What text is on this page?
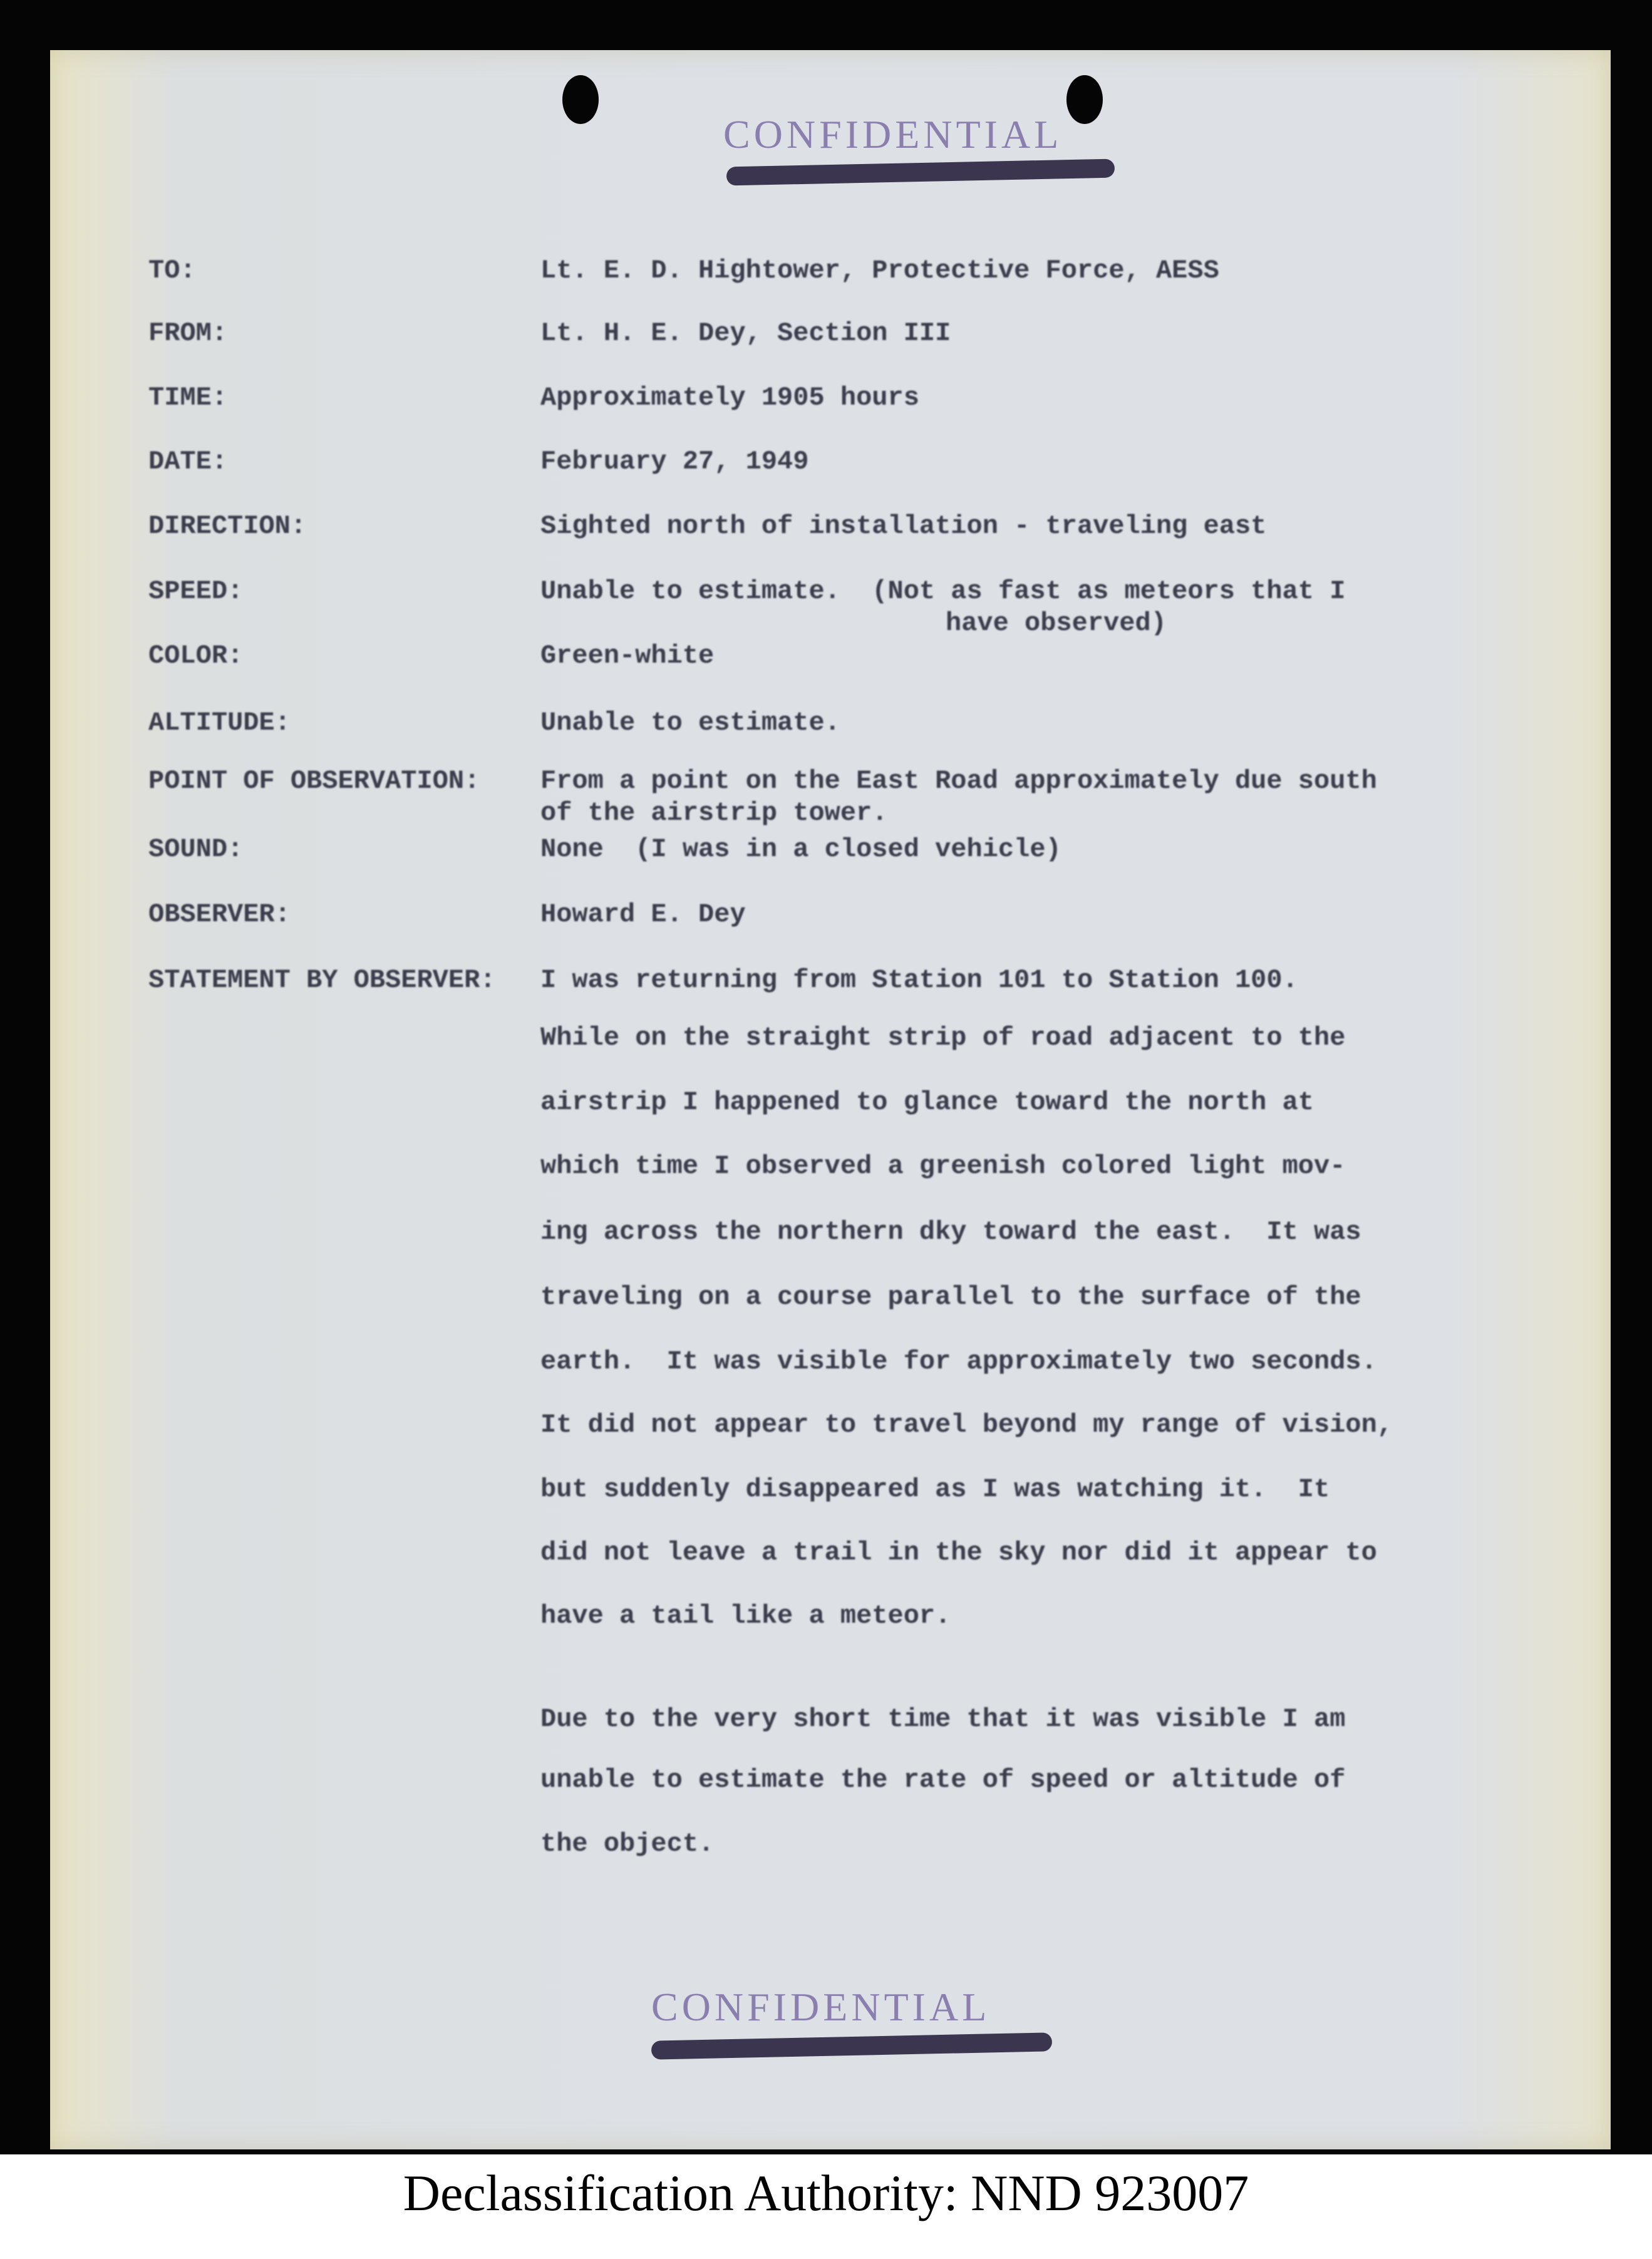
CONFIDENTIAL
CONFIDENTIAL
TO:	Lt. E. D. Hightower, Protective Force, AESS
FROM:	Lt. H. E. Dey, Section III
TIME:	Approximately 1905 hours
DATE:	February 27, 1949
DIRECTION:	Sighted north of installation - traveling east
SPEED:	Unable to estimate.  (Not as fast as meteors that I
have observed)
COLOR:	Green-white
ALTITUDE:	Unable to estimate.
POINT OF OBSERVATION: From a point on the East Road approximately due south
of the airstrip tower.
SOUND:	None  (I was in a closed vehicle)
OBSERVER:	Howard E. Dey
STATEMENT BY OBSERVER: I was returning from Station 101 to Station 100.
While on the straight strip of road adjacent to the
airstrip I happened to glance toward the north at
which time I observed a greenish colored light mov-
ing across the northern dky toward the east.  It was
traveling on a course parallel to the surface of the
earth.  It was visible for approximately two seconds.
It did not appear to travel beyond my range of vision,
but suddenly disappeared as I was watching it.  It
did not leave a trail in the sky nor did it appear to
have a tail like a meteor.
Due to the very short time that it was visible I am
unable to estimate the rate of speed or altitude of
the object.
Declassification Authority: NND 923007
